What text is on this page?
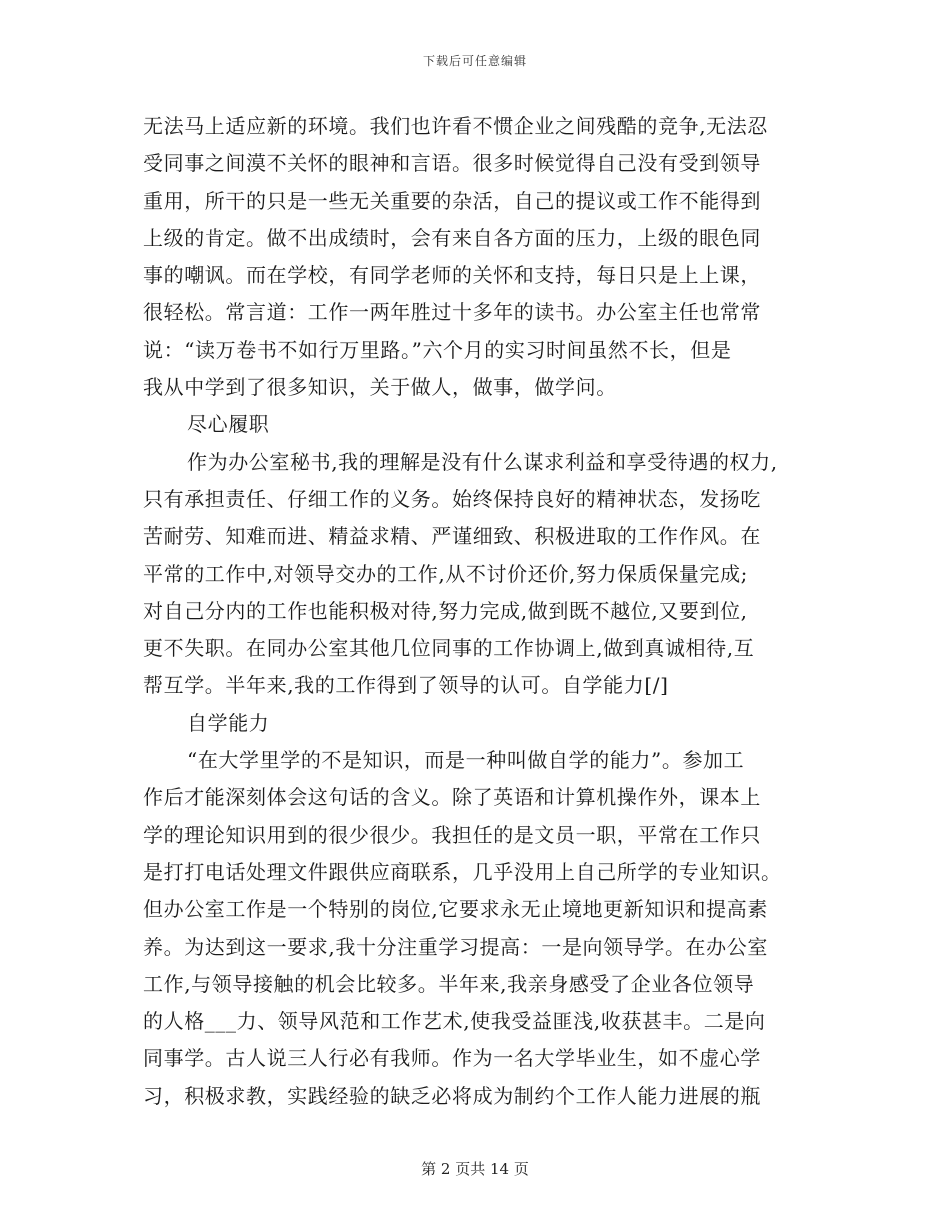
下载后可任意编辑
无法马上适应新的环境。我们也许看不惯企业之间残酷的竞争,无法忍
受同事之间漠不关怀的眼神和言语。很多时候觉得自己没有受到领导
重用，所干的只是一些无关重要的杂活，自己的提议或工作不能得到
上级的肯定。做不出成绩时，会有来自各方面的压力，上级的眼色同
事的嘲讽。而在学校，有同学老师的关怀和支持，每日只是上上课，
很轻松。常言道：工作一两年胜过十多年的读书。办公室主任也常常
说：“读万卷书不如行万里路。”六个月的实习时间虽然不长，但是
我从中学到了很多知识，关于做人，做事，做学问。
尽心履职
作为办公室秘书,我的理解是没有什么谋求利益和享受待遇的权力,
只有承担责任、仔细工作的义务。始终保持良好的精神状态，发扬吃
苦耐劳、知难而进、精益求精、严谨细致、积极进取的工作作风。在
平常的工作中,对领导交办的工作,从不讨价还价,努力保质保量完成;
对自己分内的工作也能积极对待,努力完成,做到既不越位,又要到位,
更不失职。在同办公室其他几位同事的工作协调上,做到真诚相待,互
帮互学。半年来,我的工作得到了领导的认可。自学能力[/]
自学能力
“在大学里学的不是知识，而是一种叫做自学的能力”。参加工
作后才能深刻体会这句话的含义。除了英语和计算机操作外，课本上
学的理论知识用到的很少很少。我担任的是文员一职，平常在工作只
是打打电话处理文件跟供应商联系，几乎没用上自己所学的专业知识。
但办公室工作是一个特别的岗位,它要求永无止境地更新知识和提高素
养。为达到这一要求,我十分注重学习提高：一是向领导学。在办公室
工作,与领导接触的机会比较多。半年来,我亲身感受了企业各位领导
的人格___力、领导风范和工作艺术,使我受益匪浅,收获甚丰。二是向
同事学。古人说三人行必有我师。作为一名大学毕业生，如不虚心学
习，积极求教，实践经验的缺乏必将成为制约个工作人能力进展的瓶
第 2 页共 14 页
